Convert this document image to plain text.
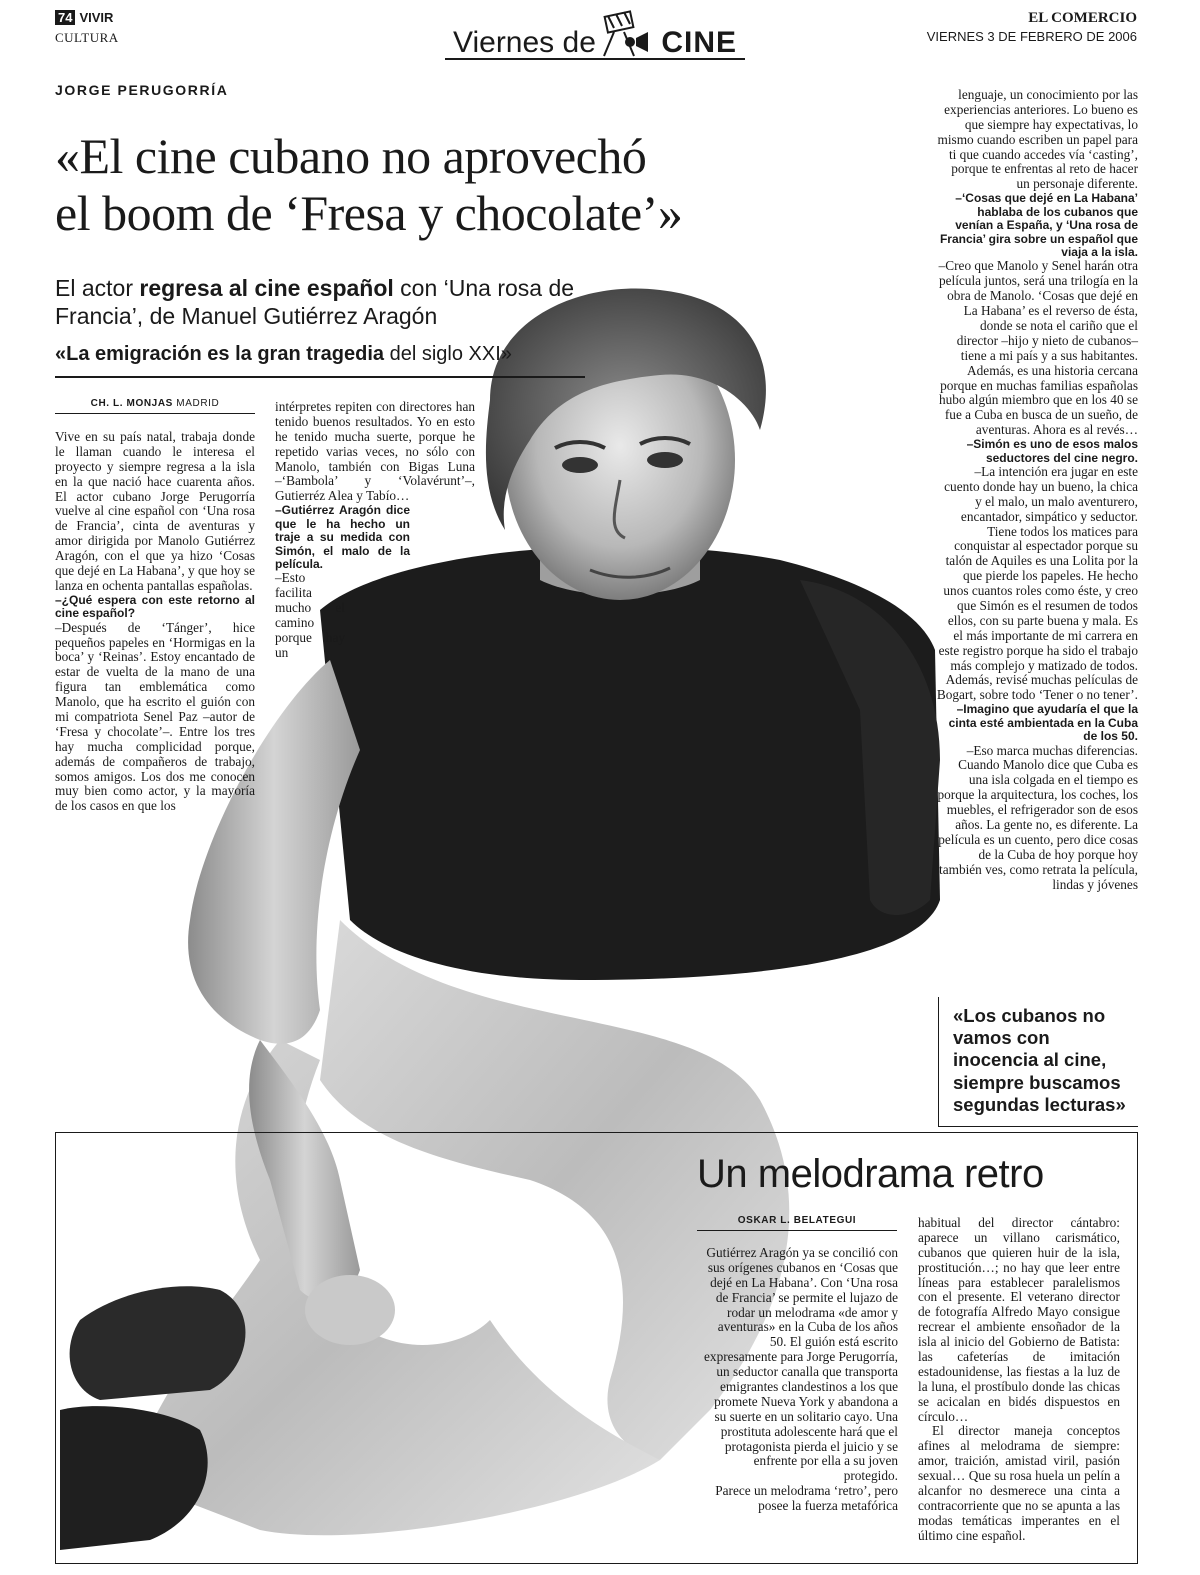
74 VIVIR
CULTURA	Viernes de CINE
EL COMERCIO
VIERNES 3 DE FEBRERO DE 2006
JORGE PERUGORRÍA
«El cine cubano no aprovechó
el boom de ‘Fresa y chocolate’»
El actor regresa al cine español con ‘Una rosa de Francia’, de Manuel Gutiérrez Aragón
«La emigración es la gran tragedia del siglo XXI»
CH. L. MONJAS MADRID

Vive en su país natal, trabaja donde le llaman cuando le interesa el proyecto y siempre regresa a la isla en la que nació hace cuarenta años. El actor cubano Jorge Perugorría vuelve al cine español con ‘Una rosa de Francia’, cinta de aventuras y amor dirigida por Manolo Gutiérrez Aragón, con el que ya hizo ‘Cosas que dejé en La Habana’, y que hoy se lanza en ochenta pantallas españolas.

–¿Qué espera con este retorno al cine español?

–Después de ‘Tánger’, hice pequeños papeles en ‘Hormigas en la boca’ y ‘Reinas’. Estoy encantado de estar de vuelta de la mano de una figura tan emblemática como Manolo, que ha escrito el guión con mi compatriota Senel Paz –autor de ‘Fresa y chocolate’–. Entre los tres hay mucha complicidad porque, además de compañeros de trabajo, somos amigos. Los dos me conocen muy bien como actor, y la mayoría de los casos en que los

intérpretes repiten con directores han tenido buenos resultados. Yo en esto he tenido mucha suerte, porque he repetido varias veces, no sólo con Manolo, también con Bigas Luna –‘Bambola’ y ‘Volavérunt’–, Gutierréz Alea y Tabío…

–Gutiérrez Aragón dice que le ha hecho un traje a su medida con Simón, el malo de la película.

–Esto facilita mucho el camino porque hay un

lenguaje, un conocimiento por las experiencias anteriores. Lo bueno es que siempre hay expectativas, lo mismo cuando escriben un papel para ti que cuando accedes vía ‘casting’, porque te enfrentas al reto de hacer un personaje diferente.

–‘Cosas que dejé en La Habana’ hablaba de los cubanos que venían a España, y ‘Una rosa de Francia’ gira sobre un español que viaja a la isla.

–Creo que Manolo y Senel harán otra película juntos, será una trilogía en la obra de Manolo. ‘Cosas que dejé en La Habana’ es el reverso de ésta, donde se nota el cariño que el director –hijo y nieto de cubanos– tiene a mi país y a sus habitantes. Además, es una historia cercana porque en muchas familias españolas hubo algún miembro que en los 40 se fue a Cuba en busca de un sueño, de aventuras. Ahora es al revés…

–Simón es uno de esos malos seductores del cine negro.

–La intención era jugar en este cuento donde hay un bueno, la chica y el malo, un malo aventurero, encantador, simpático y seductor. Tiene todos los matices para conquistar al espectador porque su talón de Aquiles es una Lolita por la que pierde los papeles. He hecho unos cuantos roles como éste, y creo que Simón es el resumen de todos ellos, con su parte buena y mala. Es el más importante de mi carrera en este registro porque ha sido el trabajo más complejo y matizado de todos. Además, revisé muchas películas de Bogart, sobre todo ‘Tener o no tener’.

–Imagino que ayudaría el que la cinta esté ambientada en la Cuba de los 50.

–Eso marca muchas diferencias. Cuando Manolo dice que Cuba es una isla colgada en el tiempo es porque la arquitectura, los coches, los muebles, el refrigerador son de esos años. La gente no, es diferente. La película es un cuento, pero dice cosas de la Cuba de hoy porque hoy también ves, como retrata la película, lindas y jóvenes

«Los cubanos no vamos con inocencia al cine, siempre buscamos segundas lecturas»
Un melodrama retro
OSKAR L. BELATEGUI

Gutiérrez Aragón ya se concilió con sus orígenes cubanos en ‘Cosas que dejé en La Habana’. Con ‘Una rosa de Francia’ se permite el lujazo de rodar un melodrama «de amor y aventuras» en la Cuba de los años 50. El guión está escrito expresamente para Jorge Perugorría, un seductor canalla que transporta emigrantes clandestinos a los que promete Nueva York y abandona a su suerte en un solitario cayo. Una prostituta adolescente hará que el protagonista pierda el juicio y se enfrente por ella a su joven protegido.

Parece un melodrama ‘retro’, pero posee la fuerza metafórica

habitual del director cántabro: aparece un villano carismático, cubanos que quieren huir de la isla, prostitución…; no hay que leer entre líneas para establecer paralelismos con el presente. El veterano director de fotografía Alfredo Mayo consigue recrear el ambiente ensoñador de la isla al inicio del Gobierno de Batista: las cafeterías de imitación estadounidense, las fiestas a la luz de la luna, el prostíbulo donde las chicas se acicalan en bidés dispuestos en círculo…

El director maneja conceptos afines al melodrama de siempre: amor, traición, amistad viril, pasión sexual… Que su rosa huela un pelín a alcanfor no desmerece una cinta a contracorriente que no se apunta a las modas temáticas imperantes en el último cine español.
